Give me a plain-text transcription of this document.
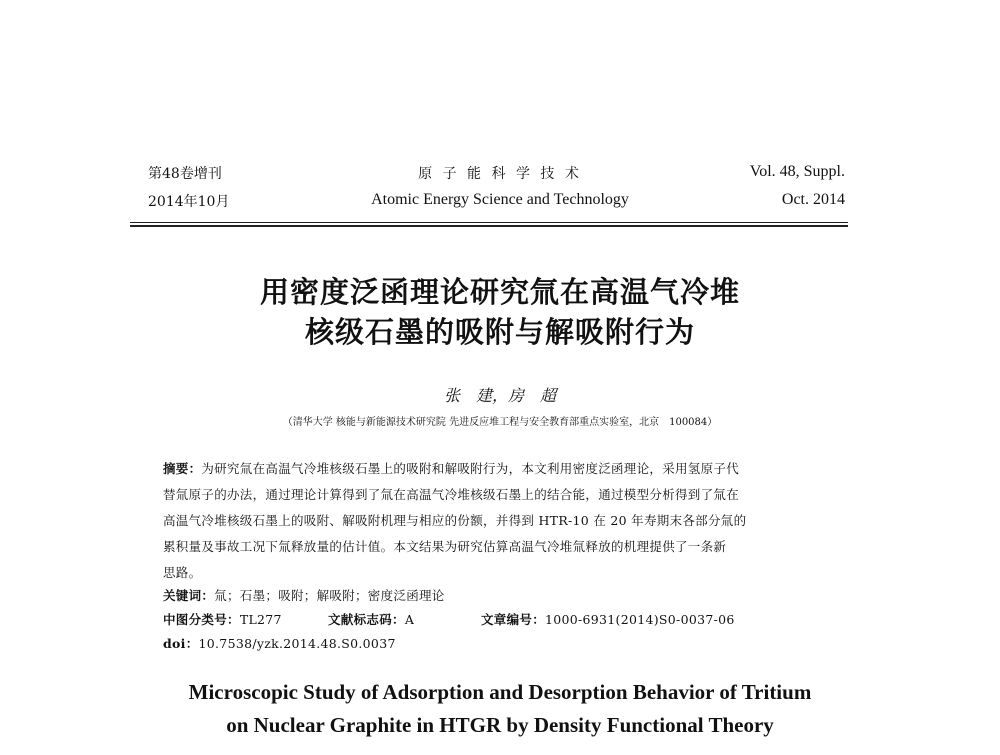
第48卷增刊
2014年10月
原 子 能 科 学 技 术
Atomic Energy Science and Technology
Vol. 48, Suppl.
Oct. 2014
用密度泛函理论研究氚在高温气冷堆
核级石墨的吸附与解吸附行为
张　建，房　超
（清华大学 核能与新能源技术研究院 先进反应堆工程与安全教育部重点实验室，北京　100084）
摘要：为研究氚在高温气冷堆核级石墨上的吸附和解吸附行为，本文利用密度泛函理论，采用氢原子代
替氚原子的办法，通过理论计算得到了氚在高温气冷堆核级石墨上的结合能，通过模型分析得到了氚在
高温气冷堆核级石墨上的吸附、解吸附机理与相应的份额，并得到 HTR-10 在 20 年寿期末各部分氚的
累积量及事故工况下氚释放量的估计值。本文结果为研究估算高温气冷堆氚释放的机理提供了一条新
思路。
关键词：氚；石墨；吸附；解吸附；密度泛函理论
中图分类号：TL277	文献标志码：A	文章编号：1000-6931(2014)S0-0037-06
doi：10.7538/yzk.2014.48.S0.0037
Microscopic Study of Adsorption and Desorption Behavior of Tritium
on Nuclear Graphite in HTGR by Density Functional Theory
